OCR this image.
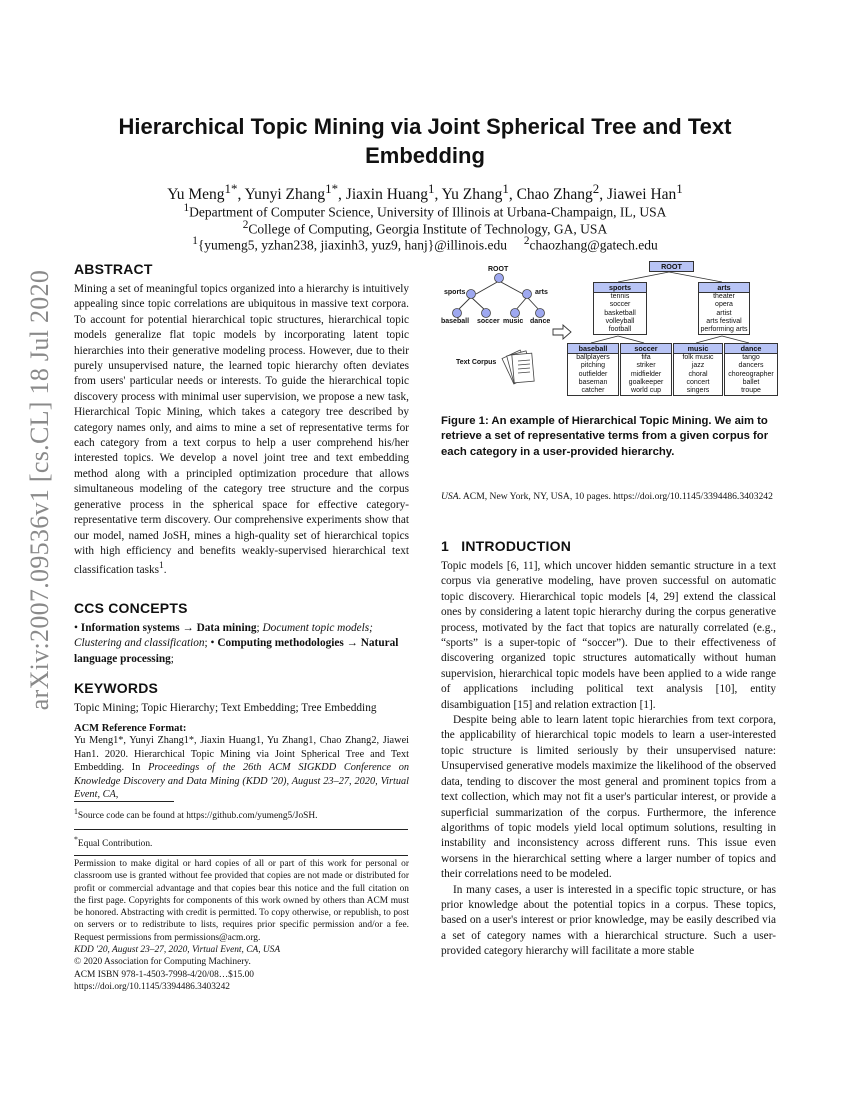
arXiv:2007.09536v1 [cs.CL] 18 Jul 2020
Hierarchical Topic Mining via Joint Spherical Tree and Text
Embedding
Yu Meng$^{1*}$, Yunyi Zhang$^{1*}$, Jiaxin Huang$^1$, Yu Zhang$^1$, Chao Zhang$^2$, Jiawei Han$^1$
$^1$Department of Computer Science, University of Illinois at Urbana-Champaign, IL, USA
$^2$College of Computing, Georgia Institute of Technology, GA, USA
$^1${yumeng5, yzhan238, jiaxinh3, yuz9, hanj}@illinois.edu $^2$chaozhang@gatech.edu
ABSTRACT

Mining a set of meaningful topics organized into a hierarchy is intuitively appealing since topic correlations are ubiquitous in massive text corpora. To account for potential hierarchical topic structures, hierarchical topic models generalize flat topic models by incorporating latent topic hierarchies into their generative modeling process. However, due to their purely unsupervised nature, the learned topic hierarchy often deviates from users' particular needs or interests. To guide the hierarchical topic discovery process with minimal user supervision, we propose a new task, Hierarchical Topic Mining, which takes a category tree described by category names only, and aims to mine a set of representative terms for each category from a text corpus to help a user comprehend his/her interested topics. We develop a novel joint tree and text embedding method along with a principled optimization procedure that allows simultaneous modeling of the category tree structure and the corpus generative process in the spherical space for effective category-representative term discovery. Our comprehensive experiments show that our model, named JoSH, mines a high-quality set of hierarchical topics with high efficiency and benefits weakly-supervised hierarchical text classification tasks$^1$.

CCS CONCEPTS

• Information systems → Data mining; Document topic models; Clustering and classification; • Computing methodologies → Natural language processing;

KEYWORDS

Topic Mining; Topic Hierarchy; Text Embedding; Tree Embedding

ACM Reference Format:

Yu Meng1*, Yunyi Zhang1*, Jiaxin Huang1, Yu Zhang1, Chao Zhang2, Jiawei Han1. 2020. Hierarchical Topic Mining via Joint Spherical Tree and Text Embedding. In Proceedings of the 26th ACM SIGKDD Conference on Knowledge Discovery and Data Mining (KDD '20), August 23–27, 2020, Virtual Event, CA,

$^1$Source code can be found at https://github.com/yumeng5/JoSH.
*Equal Contribution.

Permission to make digital or hard copies of all or part of this work for personal or classroom use is granted without fee provided that copies are not made or distributed for profit or commercial advantage and that copies bear this notice and the full citation on the first page. Copyrights for components of this work owned by others than ACM must be honored. Abstracting with credit is permitted. To copy otherwise, or republish, to post on servers or to redistribute to lists, requires prior specific permission and/or a fee. Request permissions from permissions@acm.org.

KDD '20, August 23–27, 2020, Virtual Event, CA, USA

© 2020 Association for Computing Machinery.

ACM ISBN 978-1-4503-7998-4/20/08…$15.00

https://doi.org/10.1145/3394486.3403242

ROOT
sports	arts
baseball soccer music dance
Text Corpus
ROOT
sports
tennis
soccer
basketball
volleyball
football
arts
theater
opera
artist
arts festival
performing arts
baseball
ballplayers
pitching
outfielder
baseman
catcher
soccer
fifa
striker
midfielder
goalkeeper
world cup
music
folk music
jazz
choral
concert
singers
dance
tango
dancers
choreographer
ballet
troupe
Figure 1: An example of Hierarchical Topic Mining. We aim to retrieve a set of representative terms from a given corpus for each category in a user-provided hierarchy.
USA. ACM, New York, NY, USA, 10 pages. https://doi.org/10.1145/3394486.3403242
1 INTRODUCTION

Topic models [6, 11], which uncover hidden semantic structure in a text corpus via generative modeling, have proven successful on automatic topic discovery. Hierarchical topic models [4, 29] extend the classical ones by considering a latent topic hierarchy during the corpus generative process, motivated by the fact that topics are naturally correlated (e.g., “sports” is a super-topic of “soccer”). Due to their effectiveness of discovering organized topic structures automatically without human supervision, hierarchical topic models have been applied to a wide range of applications including political text analysis [10], entity disambiguation [15] and relation extraction [1].

Despite being able to learn latent topic hierarchies from text corpora, the applicability of hierarchical topic models to learn a user-interested topic structure is limited seriously by their unsupervised nature: Unsupervised generative models maximize the likelihood of the observed data, tending to discover the most general and prominent topics from a text collection, which may not fit a user's particular interest, or provide a superficial summarization of the corpus. Furthermore, the inference algorithms of topic models yield local optimum solutions, resulting in instability and inconsistency across different runs. This issue even worsens in the hierarchical setting where a larger number of topics and their correlations need to be modeled.

In many cases, a user is interested in a specific topic structure, or has prior knowledge about the potential topics in a corpus. These topics, based on a user's interest or prior knowledge, may be easily described via a set of category names with a hierarchical structure. Such a user-provided category hierarchy will facilitate a more stable
